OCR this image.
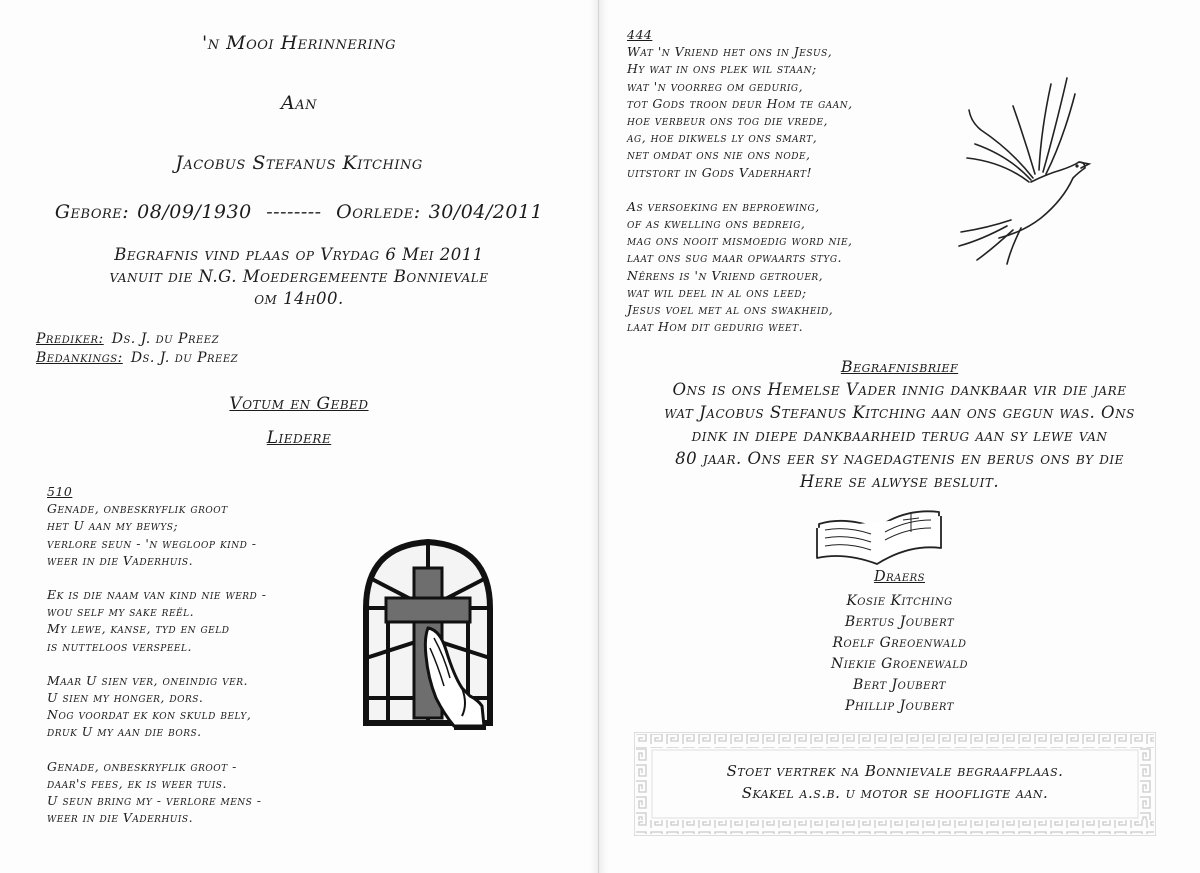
'n Mooi Herinnering
Aan
Jacobus Stefanus Kitching
Gebore: 08/09/1930 -------- Oorlede: 30/04/2011
Begrafnis vind plaas op Vrydag 6 Mei 2011
vanuit die N.G. Moedergemeente Bonnievale
om 14h00.
Prediker: Ds. J. du Preez
Bedankings: Ds. J. du Preez
Votum en Gebed
Liedere
510

Genade, onbeskryflik groot
het U aan my bewys;
verlore seun - 'n wegloop kind -
weer in die Vaderhuis.

Ek is die naam van kind nie werd -
wou self my sake reël.
My lewe, kanse, tyd en geld
is nutteloos verspeel.

Maar U sien ver, oneindig ver.
U sien my honger, dors.
Nog voordat ek kon skuld bely,
druk U my aan die bors.

Genade, onbeskryflik groot -
daar's fees, ek is weer tuis.
U seun bring my - verlore mens -
weer in die Vaderhuis.

444

Wat 'n Vriend het ons in Jesus,
Hy wat in ons plek wil staan;
wat 'n voorreg om gedurig,
tot Gods troon deur Hom te gaan,
hoe verbeur ons tog die vrede,
ag, hoe dikwels ly ons smart,
net omdat ons nie ons node,
uitstort in Gods Vaderhart!

As versoeking en beproewing,
of as kwelling ons bedreig,
mag ons nooit mismoedig word nie,
laat ons sug maar opwaarts styg.
Nêrens is 'n Vriend getrouer,
wat wil deel in al ons leed;
Jesus voel met al ons swakheid,
laat Hom dit gedurig weet.

Begrafnisbrief
Ons is ons Hemelse Vader innig dankbaar vir die jare
wat Jacobus Stefanus Kitching aan ons gegun was. Ons
dink in diepe dankbaarheid terug aan sy lewe van
80 jaar. Ons eer sy nagedagtenis en berus ons by die
Here se alwyse besluit.
Draers
Kosie Kitching
Bertus Joubert
Roelf Greoenwald
Niekie Groenewald
Bert Joubert
Phillip Joubert
Stoet vertrek na Bonnievale begraafplaas.
Skakel a.s.b. u motor se hoofligte aan.
